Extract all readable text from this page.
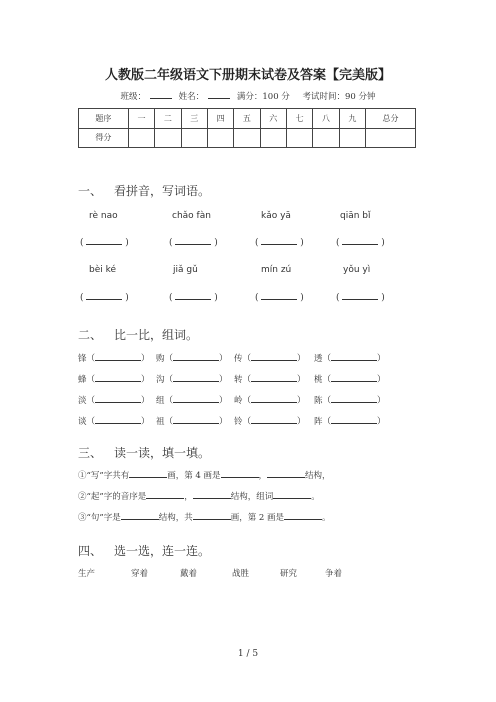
人教版二年级语文下册期末试卷及答案【完美版】
班级：	姓名：	满分：100 分 考试时间：90 分钟
题序	一	二	三	四	五	六	七	八	九	总分
得分										
一、 看拼音，写词语。
rè nao	chǎo fàn	kǎo yā	qiān bǐ
(	)	(	)	(	)	(	)
bèi ké	jiǎ gǔ	mín zú	yǒu yì
(	)	(	)	(	)	(	)
二、 比一比，组词。
锋（	） 购（	） 传（	） 透（	）
蜂（	） 沟（	） 转（	） 桃（	）
淡（	） 组（	） 岭（	） 陈（	）
谈（	） 祖（	） 铃（	） 阵（	）
三、 读一读，填一填。
①“写”字共有	画，第 4 画是	，	结构，
②“起”字的音序是	，	结构，组词	。
③“句”字是	结构，共	画，第 2 画是	。
四、 选一选，连一连。
生产	穿着	戴着	战胜	研究	争着
1 / 5
